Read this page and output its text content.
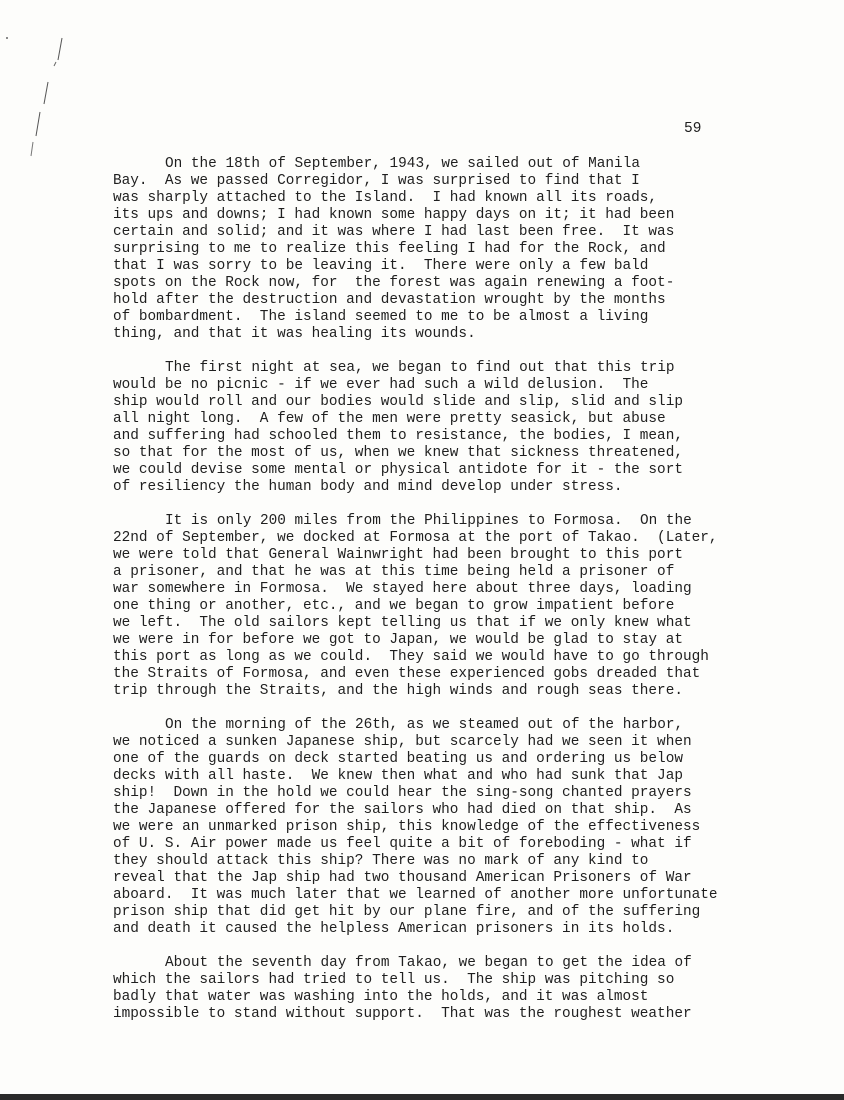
59
On the 18th of September, 1943, we sailed out of Manila
Bay.  As we passed Corregidor, I was surprised to find that I
was sharply attached to the Island.  I had known all its roads,
its ups and downs; I had known some happy days on it; it had been
certain and solid; and it was where I had last been free.  It was
surprising to me to realize this feeling I had for the Rock, and
that I was sorry to be leaving it.  There were only a few bald
spots on the Rock now, for  the forest was again renewing a foot-
hold after the destruction and devastation wrought by the months
of bombardment.  The island seemed to me to be almost a living
thing, and that it was healing its wounds.
The first night at sea, we began to find out that this trip
would be no picnic - if we ever had such a wild delusion.  The
ship would roll and our bodies would slide and slip, slid and slip
all night long.  A few of the men were pretty seasick, but abuse
and suffering had schooled them to resistance, the bodies, I mean,
so that for the most of us, when we knew that sickness threatened,
we could devise some mental or physical antidote for it - the sort
of resiliency the human body and mind develop under stress.
It is only 200 miles from the Philippines to Formosa.  On the
22nd of September, we docked at Formosa at the port of Takao.  (Later,
we were told that General Wainwright had been brought to this port
a prisoner, and that he was at this time being held a prisoner of
war somewhere in Formosa.  We stayed here about three days, loading
one thing or another, etc., and we began to grow impatient before
we left.  The old sailors kept telling us that if we only knew what
we were in for before we got to Japan, we would be glad to stay at
this port as long as we could.  They said we would have to go through
the Straits of Formosa, and even these experienced gobs dreaded that
trip through the Straits, and the high winds and rough seas there.
On the morning of the 26th, as we steamed out of the harbor,
we noticed a sunken Japanese ship, but scarcely had we seen it when
one of the guards on deck started beating us and ordering us below
decks with all haste.  We knew then what and who had sunk that Jap
ship!  Down in the hold we could hear the sing-song chanted prayers
the Japanese offered for the sailors who had died on that ship.  As
we were an unmarked prison ship, this knowledge of the effectiveness
of U. S. Air power made us feel quite a bit of foreboding - what if
they should attack this ship? There was no mark of any kind to
reveal that the Jap ship had two thousand American Prisoners of War
aboard.  It was much later that we learned of another more unfortunate
prison ship that did get hit by our plane fire, and of the suffering
and death it caused the helpless American prisoners in its holds.
About the seventh day from Takao, we began to get the idea of
which the sailors had tried to tell us.  The ship was pitching so
badly that water was washing into the holds, and it was almost
impossible to stand without support.  That was the roughest weather
